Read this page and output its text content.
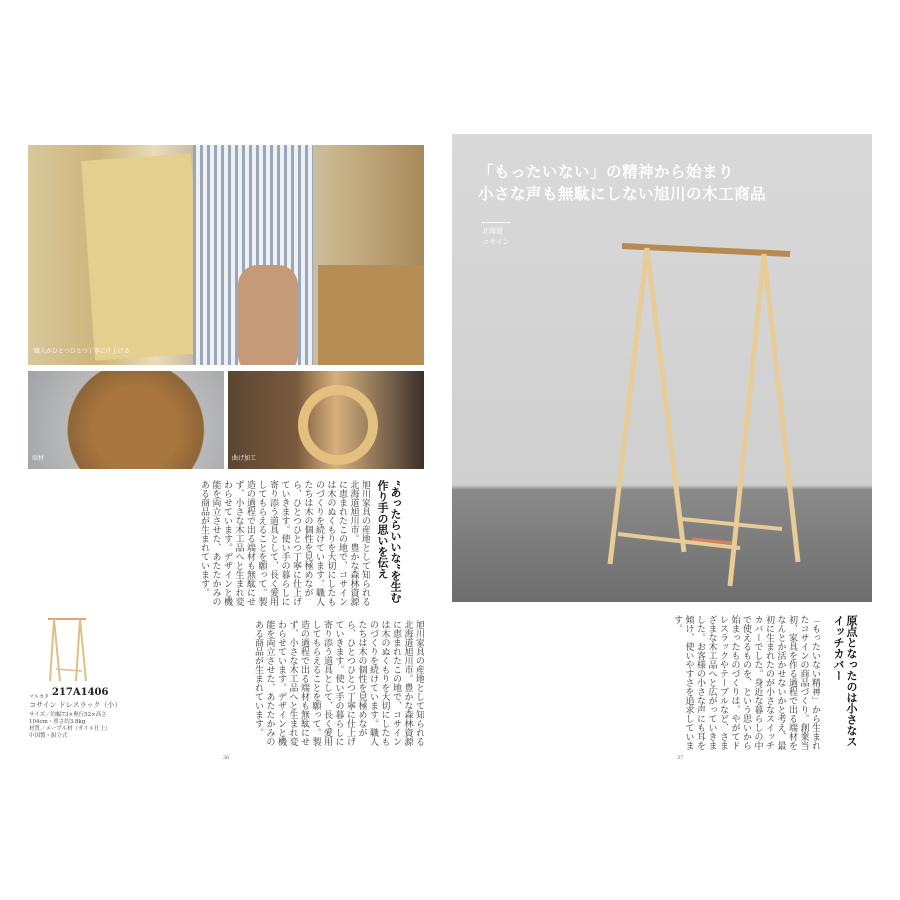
職人がひとつひとつ丁寧に仕上げる
端材	曲げ加工
“あったらいいな”を生む作り手の思いを伝え
旭川家具の産地として知られる北海道旭川市。豊かな森林資源に恵まれたこの地で、コサインは木のぬくもりを大切にしたものづくりを続けています。職人たちは木の個性を見極めながら、ひとつひとつ丁寧に仕上げていきます。使い手の暮らしに寄り添う道具として、長く愛用してもらえることを願って。製造の過程で出る端材も無駄にせず、小さな木工品へと生まれ変わらせています。デザインと機能を両立させた、あたたかみのある商品が生まれています。
旭川家具の産地として知られる北海道旭川市。豊かな森林資源に恵まれたこの地で、コサインは木のぬくもりを大切にしたものづくりを続けています。職人たちは木の個性を見極めながら、ひとつひとつ丁寧に仕上げていきます。使い手の暮らしに寄り添う道具として、長く愛用してもらえることを願って。製造の過程で出る端材も無駄にせず、小さな木工品へと生まれ変わらせています。デザインと機能を両立させた、あたたかみのある商品が生まれています。
マルカタ 217A1406
コサイン ドレスラック（小）
サイズ／約幅73×奥行52×高さ104cm・重さ約3.8kg
材質／メープル材（オイル仕上）
中国製・組立式
36
「もったいない」の精神から始まり
小さな声も無駄にしない旭川の木工商品
北海道
コサイン
原点となったのは小さなスイッチカバー
「もったいない精神」から生まれたコサインの商品づくり。創業当初、家具を作る過程で出る端材をなんとか活かせないかと考え、最初に生まれたのが小さなスイッチカバーでした。身近な暮らしの中で使えるものを、という思いから始まったものづくりは、やがてドレスラックやテーブルなど、さまざまな木工品へと広がっていきました。お客様の小さな声にも耳を傾け、使いやすさを追求しています。
37
